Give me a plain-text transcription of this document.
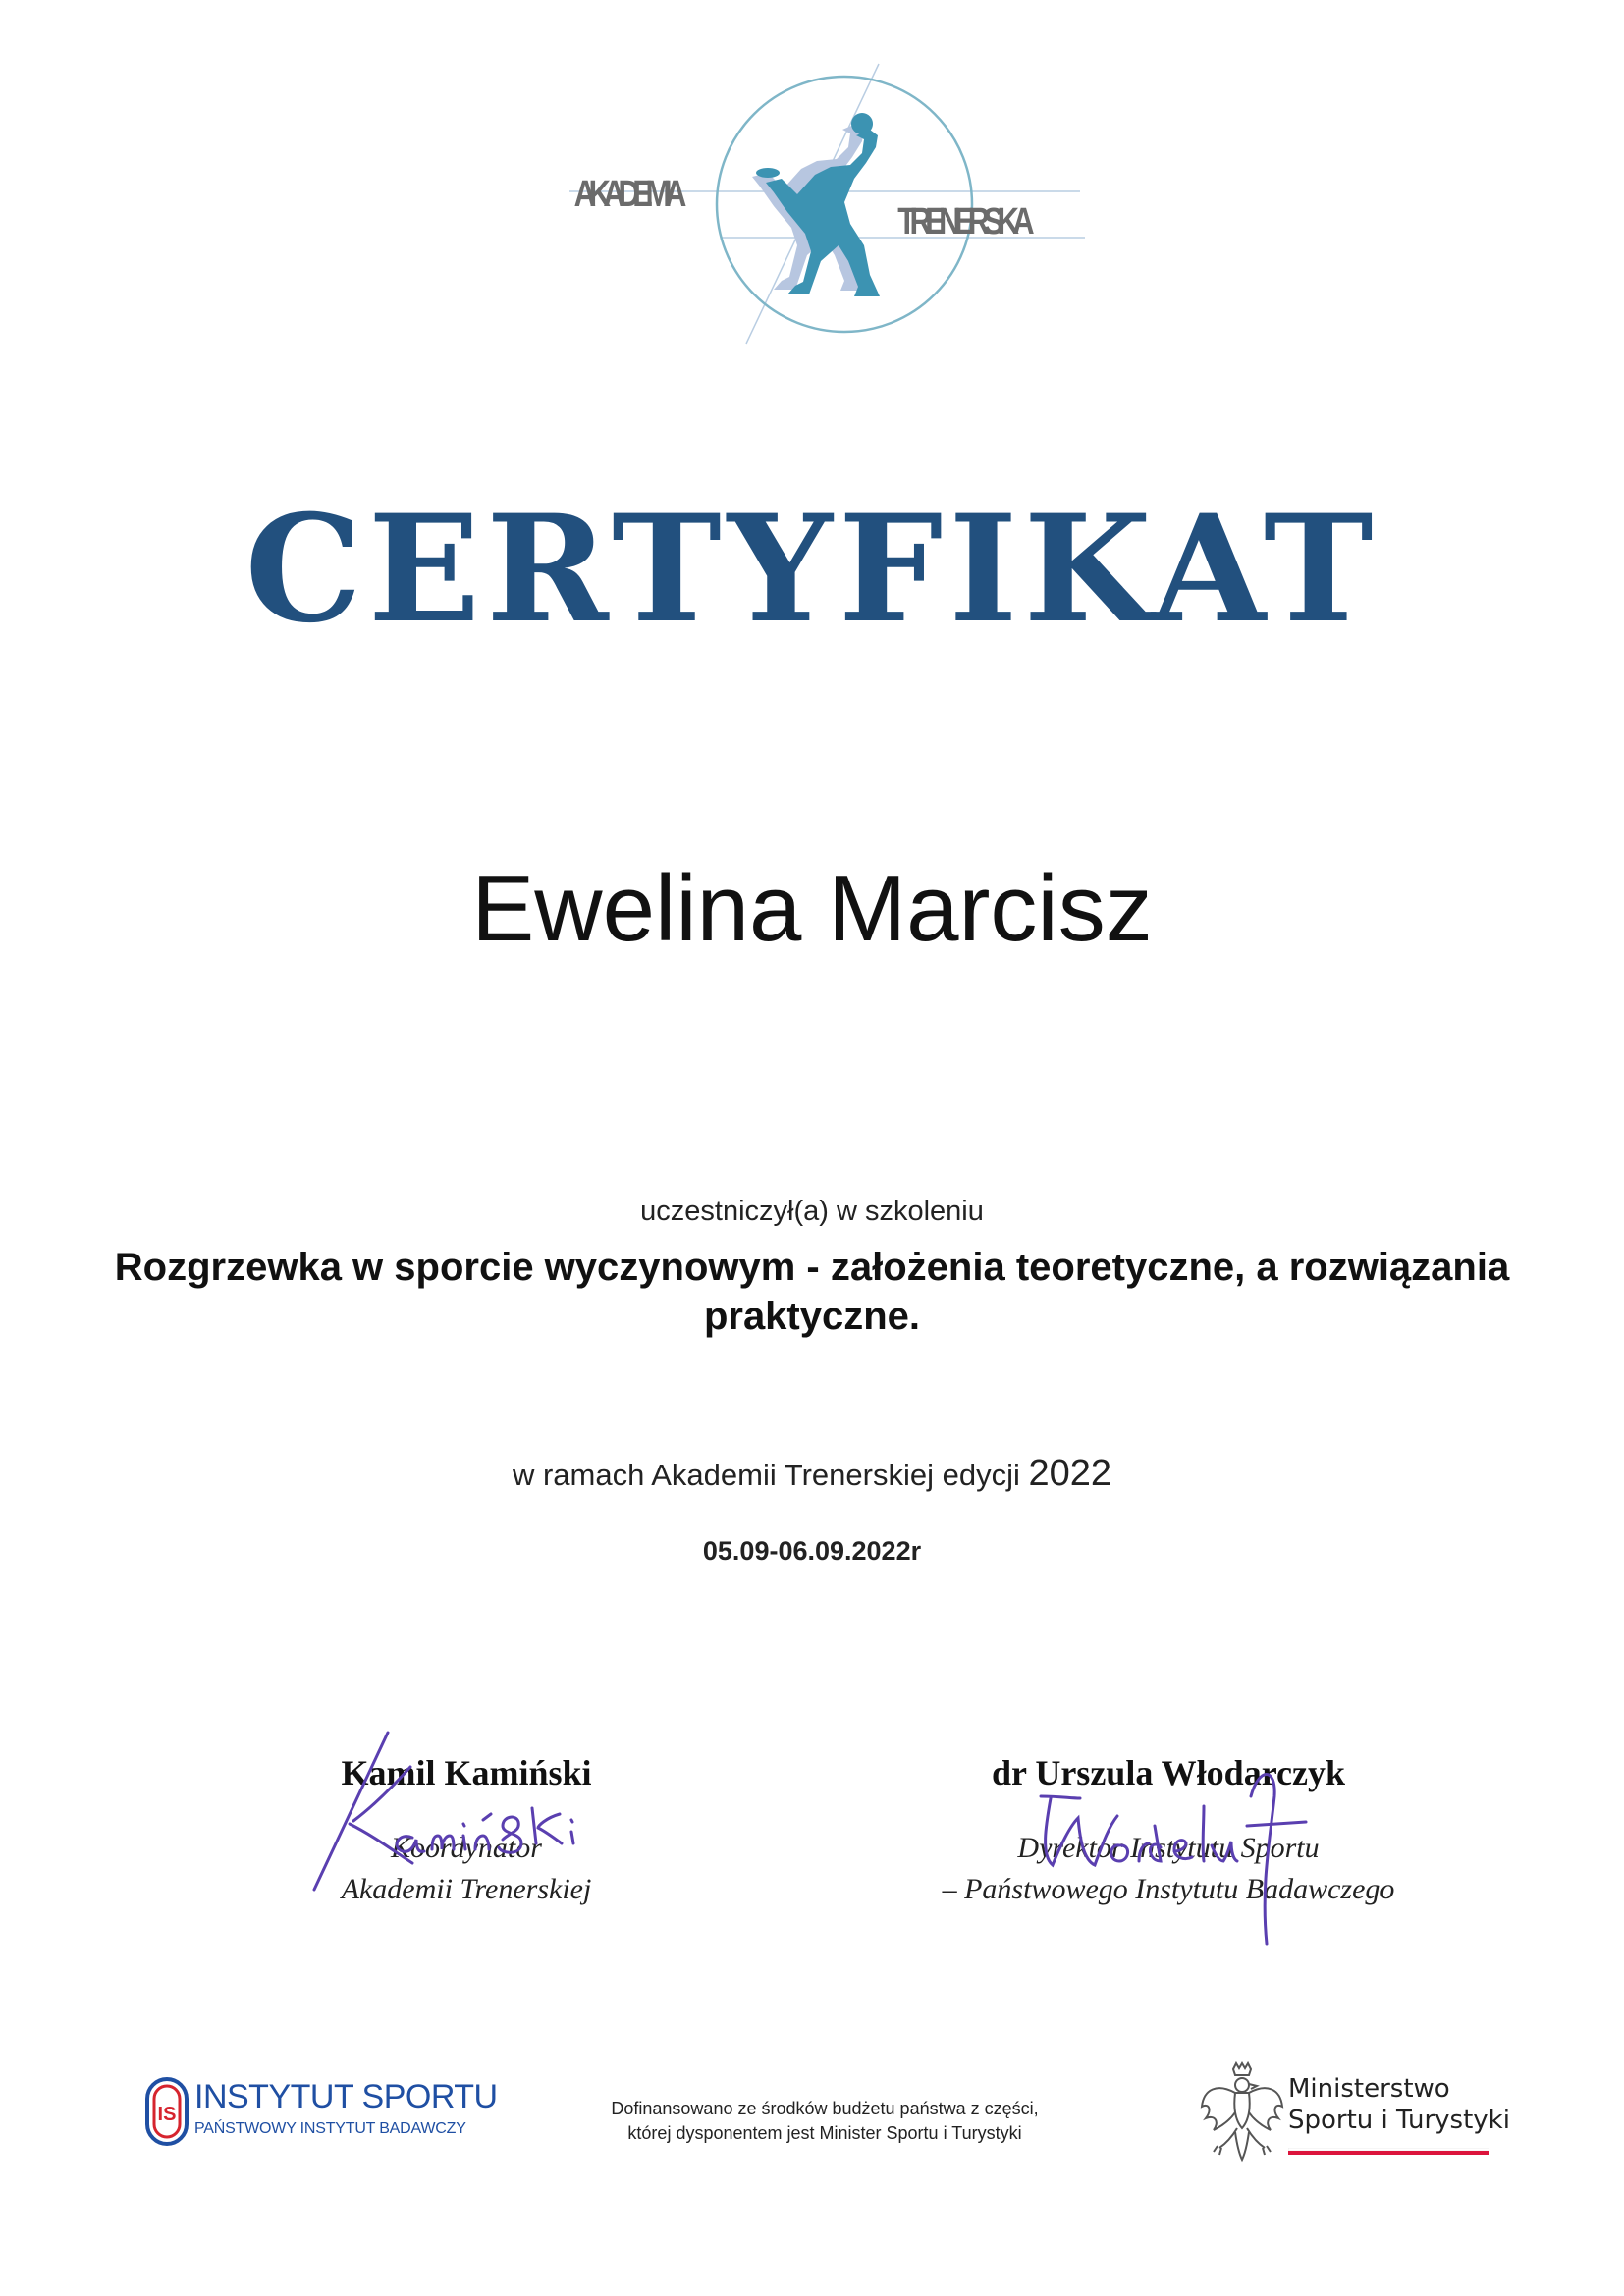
AKADEMIA
TRENERSKA
CERTYFIKAT
Ewelina Marcisz
uczestniczył(a) w szkoleniu
Rozgrzewka w sporcie wyczynowym - założenia teoretyczne, a rozwiązania praktyczne.
w ramach Akademii Trenerskiej edycji 2022
05.09-06.09.2022r
Kamil Kamiński
Koordynator
Akademii Trenerskiej
dr Urszula Włodarczyk
Dyrektor Instytutu Sportu
– Państwowego Instytutu Badawczego
IS INSTYTUT SPORTU
PAŃSTWOWY INSTYTUT BADAWCZY
Dofinansowano ze środków budżetu państwa z części,
której dysponentem jest Minister Sportu i Turystyki
Ministerstwo
Sportu i Turystyki
